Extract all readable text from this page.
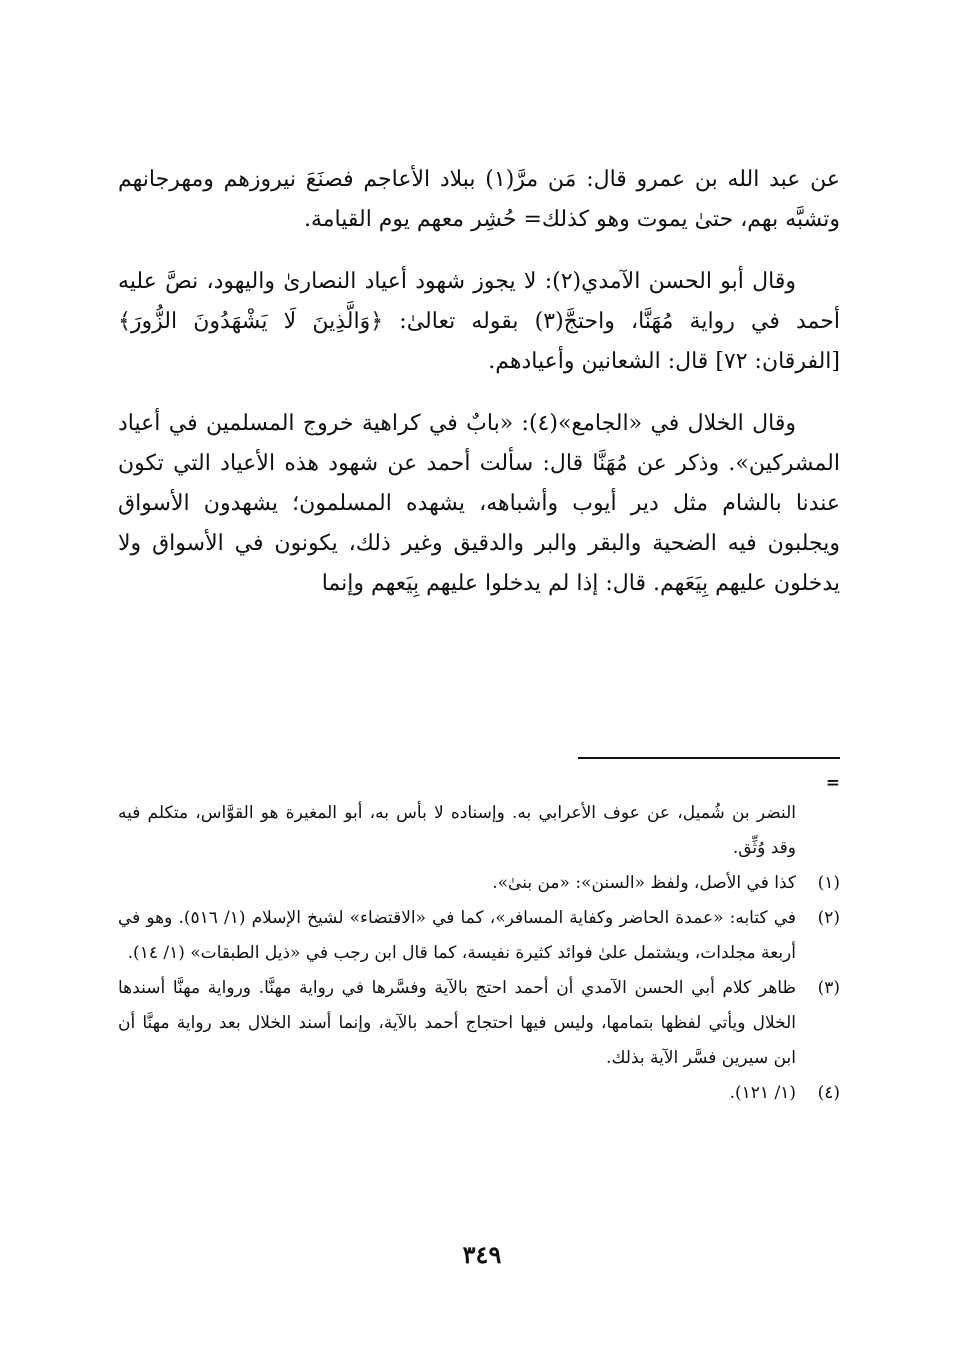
عن عبد الله بن عمرو قال: مَن مرَّ(١) ببلاد الأعاجم فصنَعَ نيروزهم ومهرجانهم وتشبَّه بهم، حتىٰ يموت وهو كذلك= حُشِر معهم يوم القيامة.

وقال أبو الحسن الآمدي(٢): لا يجوز شهود أعياد النصارىٰ واليهود، نصَّ عليه أحمد في رواية مُهَنَّا، واحتجَّ(٣) بقوله تعالىٰ: ﴿وَالَّذِينَ لَا يَشْهَدُونَ الزُّورَ﴾ [الفرقان: ٧٢] قال: الشعانين وأعيادهم.

وقال الخلال في «الجامع»(٤): «بابٌ في كراهية خروج المسلمين في أعياد المشركين». وذكر عن مُهَنَّا قال: سألت أحمد عن شهود هذه الأعياد التي تكون عندنا بالشام مثل دير أيوب وأشباهه، يشهده المسلمون؛ يشهدون الأسواق ويجلبون فيه الضحية والبقر والبر والدقيق وغير ذلك، يكونون في الأسواق ولا يدخلون عليهم بِيَعَهم. قال: إذا لم يدخلوا عليهم بِيَعهم وإنما

=
النضر بن شُميل، عن عوف الأعرابي به. وإسناده لا بأس به، أبو المغيرة هو القوَّاس، متكلم فيه وقد وُثِّق.
(١)
كذا في الأصل، ولفظ «السنن»: «من بنىٰ».
(٢)
في كتابه: «عمدة الحاضر وكفاية المسافر»، كما في «الاقتضاء» لشيخ الإسلام (١/ ٥١٦). وهو في أربعة مجلدات، ويشتمل علىٰ فوائد كثيرة نفيسة، كما قال ابن رجب في «ذيل الطبقات» (١/ ١٤).
(٣)
ظاهر كلام أبي الحسن الآمدي أن أحمد احتج بالآية وفسَّرها في رواية مهنَّا. ورواية مهنَّا أسندها الخلال ويأتي لفظها بتمامها، وليس فيها احتجاج أحمد بالآية، وإنما أسند الخلال بعد رواية مهنَّا أن ابن سيرين فسَّر الآية بذلك.
(٤)
(١/ ١٢١).
٣٤٩
